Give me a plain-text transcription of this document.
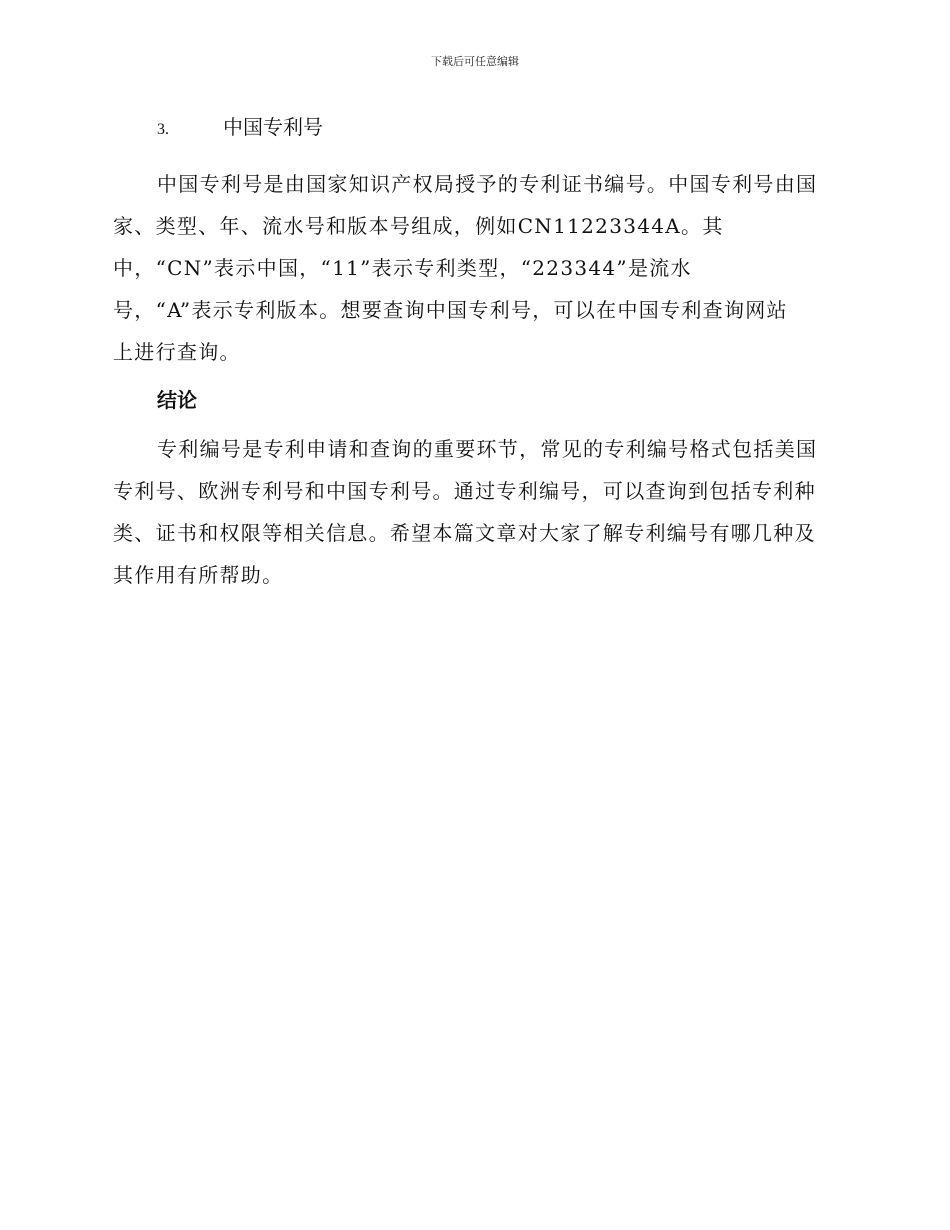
下载后可任意编辑
3.	中国专利号

中国专利号是由国家知识产权局授予的专利证书编号。中国专利号由国

家、类型、年、流水号和版本号组成，例如CN11223344A。其

中，“CN”表示中国，“11”表示专利类型，“223344”是流水

号，“A”表示专利版本。想要查询中国专利号，可以在中国专利查询网站

上进行查询。

结论

专利编号是专利申请和查询的重要环节，常见的专利编号格式包括美国

专利号、欧洲专利号和中国专利号。通过专利编号，可以查询到包括专利种

类、证书和权限等相关信息。希望本篇文章对大家了解专利编号有哪几种及

其作用有所帮助。
